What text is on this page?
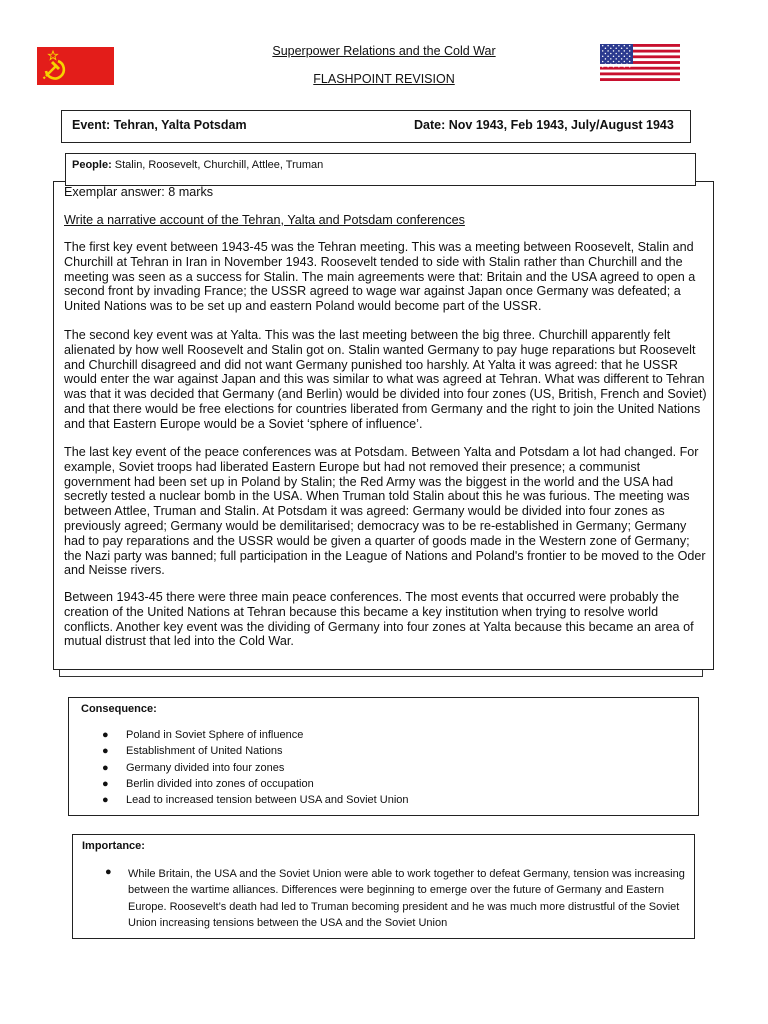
Superpower Relations and the Cold War
FLASHPOINT REVISION
Event: Tehran, Yalta Potsdam	Date: Nov 1943, Feb 1943, July/August 1943
People: Stalin, Roosevelt, Churchill, Attlee, Truman
Exemplar answer: 8 marks
Write a narrative account of the Tehran, Yalta and Potsdam conferences
The first key event between 1943-45 was the Tehran meeting. This was a meeting between Roosevelt, Stalin and Churchill at Tehran in Iran in November 1943. Roosevelt tended to side with Stalin rather than Churchill and the meeting was seen as a success for Stalin. The main agreements were that: Britain and the USA agreed to open a second front by invading France; the USSR agreed to wage war against Japan once Germany was defeated; a United Nations was to be set up and eastern Poland would become part of the USSR.
The second key event was at Yalta. This was the last meeting between the big three. Churchill apparently felt alienated by how well Roosevelt and Stalin got on. Stalin wanted Germany to pay huge reparations but Roosevelt and Churchill disagreed and did not want Germany punished too harshly. At Yalta it was agreed: that he USSR would enter the war against Japan and this was similar to what was agreed at Tehran. What was different to Tehran was that it was decided that Germany (and Berlin) would be divided into four zones (US, British, French and Soviet) and that there would be free elections for countries liberated from Germany and the right to join the United Nations and that Eastern Europe would be a Soviet ‘sphere of influence’.
The last key event of the peace conferences was at Potsdam. Between Yalta and Potsdam a lot had changed. For example, Soviet troops had liberated Eastern Europe but had not removed their presence; a communist government had been set up in Poland by Stalin; the Red Army was the biggest in the world and the USA had secretly tested a nuclear bomb in the USA. When Truman told Stalin about this he was furious. The meeting was between Attlee, Truman and Stalin. At Potsdam it was agreed: Germany would be divided into four zones as previously agreed; Germany would be demilitarised; democracy was to be re-established in Germany; Germany had to pay reparations and the USSR would be given a quarter of goods made in the Western zone of Germany; the Nazi party was banned; full participation in the League of Nations and Poland's frontier to be moved to the Oder and Neisse rivers.
Between 1943-45 there were three main peace conferences. The most events that occurred were probably the creation of the United Nations at Tehran because this became a key institution when trying to resolve world conflicts. Another key event was the dividing of Germany into four zones at Yalta because this became an area of mutual distrust that led into the Cold War.
Consequence:
● Poland in Soviet Sphere of influence
● Establishment of United Nations
● Germany divided into four zones
● Berlin divided into zones of occupation
● Lead to increased tension between USA and Soviet Union
Importance:
● While Britain, the USA and the Soviet Union were able to work together to defeat Germany, tension was increasing between the wartime alliances. Differences were beginning to emerge over the future of Germany and Eastern Europe. Roosevelt’s death had led to Truman becoming president and he was much more distrustful of the Soviet Union increasing tensions between the USA and the Soviet Union
